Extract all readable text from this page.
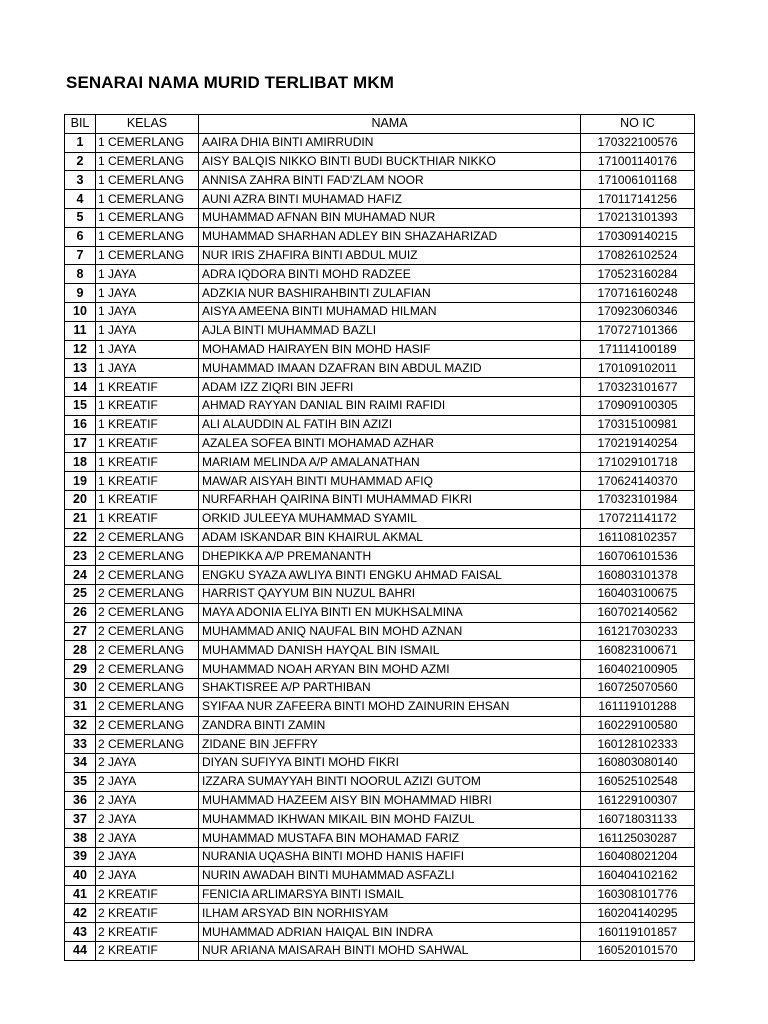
SENARAI NAMA MURID TERLIBAT MKM
BIL	KELAS	NAMA	NO IC
1	1 CEMERLANG	AAIRA DHIA BINTI AMIRRUDIN	170322100576
2	1 CEMERLANG	AISY BALQIS NIKKO BINTI BUDI BUCKTHIAR NIKKO	171001140176
3	1 CEMERLANG	ANNISA ZAHRA BINTI FAD'ZLAM NOOR	171006101168
4	1 CEMERLANG	AUNI AZRA BINTI MUHAMAD HAFIZ	170117141256
5	1 CEMERLANG	MUHAMMAD AFNAN BIN MUHAMAD NUR	170213101393
6	1 CEMERLANG	MUHAMMAD SHARHAN ADLEY BIN SHAZAHARIZAD	170309140215
7	1 CEMERLANG	NUR IRIS ZHAFIRA BINTI ABDUL MUIZ	170826102524
8	1 JAYA	ADRA IQDORA BINTI MOHD RADZEE	170523160284
9	1 JAYA	ADZKIA NUR BASHIRAHBINTI ZULAFIAN	170716160248
10	1 JAYA	AISYA AMEENA BINTI MUHAMAD HILMAN	170923060346
11	1 JAYA	AJLA BINTI MUHAMMAD BAZLI	170727101366
12	1 JAYA	MOHAMAD HAIRAYEN BIN MOHD HASIF	171114100189
13	1 JAYA	MUHAMMAD IMAAN DZAFRAN BIN ABDUL MAZID	170109102011
14	1 KREATIF	ADAM IZZ ZIQRI BIN JEFRI	170323101677
15	1 KREATIF	AHMAD RAYYAN DANIAL BIN RAIMI RAFIDI	170909100305
16	1 KREATIF	ALI ALAUDDIN AL FATIH BIN AZIZI	170315100981
17	1 KREATIF	AZALEA SOFEA BINTI MOHAMAD AZHAR	170219140254
18	1 KREATIF	MARIAM MELINDA A/P AMALANATHAN	171029101718
19	1 KREATIF	MAWAR AISYAH BINTI MUHAMMAD AFIQ	170624140370
20	1 KREATIF	NURFARHAH QAIRINA BINTI MUHAMMAD FIKRI	170323101984
21	1 KREATIF	ORKID JULEEYA MUHAMMAD SYAMIL	170721141172
22	2 CEMERLANG	ADAM ISKANDAR BIN KHAIRUL AKMAL	161108102357
23	2 CEMERLANG	DHEPIKKA A/P PREMANANTH	160706101536
24	2 CEMERLANG	ENGKU SYAZA AWLIYA BINTI ENGKU AHMAD FAISAL	160803101378
25	2 CEMERLANG	HARRIST QAYYUM BIN NUZUL BAHRI	160403100675
26	2 CEMERLANG	MAYA ADONIA ELIYA BINTI EN MUKHSALMINA	160702140562
27	2 CEMERLANG	MUHAMMAD ANIQ NAUFAL BIN MOHD AZNAN	161217030233
28	2 CEMERLANG	MUHAMMAD DANISH HAYQAL BIN ISMAIL	160823100671
29	2 CEMERLANG	MUHAMMAD NOAH ARYAN BIN MOHD AZMI	160402100905
30	2 CEMERLANG	SHAKTISREE A/P PARTHIBAN	160725070560
31	2 CEMERLANG	SYIFAA NUR ZAFEERA BINTI MOHD ZAINURIN EHSAN	161119101288
32	2 CEMERLANG	ZANDRA BINTI ZAMIN	160229100580
33	2 CEMERLANG	ZIDANE BIN JEFFRY	160128102333
34	2 JAYA	DIYAN SUFIYYA BINTI MOHD FIKRI	160803080140
35	2 JAYA	IZZARA SUMAYYAH BINTI NOORUL AZIZI GUTOM	160525102548
36	2 JAYA	MUHAMMAD HAZEEM AISY BIN MOHAMMAD HIBRI	161229100307
37	2 JAYA	MUHAMMAD IKHWAN MIKAIL BIN MOHD FAIZUL	160718031133
38	2 JAYA	MUHAMMAD MUSTAFA BIN MOHAMAD FARIZ	161125030287
39	2 JAYA	NURANIA UQASHA BINTI MOHD HANIS HAFIFI	160408021204
40	2 JAYA	NURIN AWADAH BINTI MUHAMMAD ASFAZLI	160404102162
41	2 KREATIF	FENICIA ARLIMARSYA BINTI ISMAIL	160308101776
42	2 KREATIF	ILHAM ARSYAD BIN NORHISYAM	160204140295
43	2 KREATIF	MUHAMMAD ADRIAN HAIQAL BIN INDRA	160119101857
44	2 KREATIF	NUR ARIANA MAISARAH BINTI MOHD SAHWAL	160520101570
